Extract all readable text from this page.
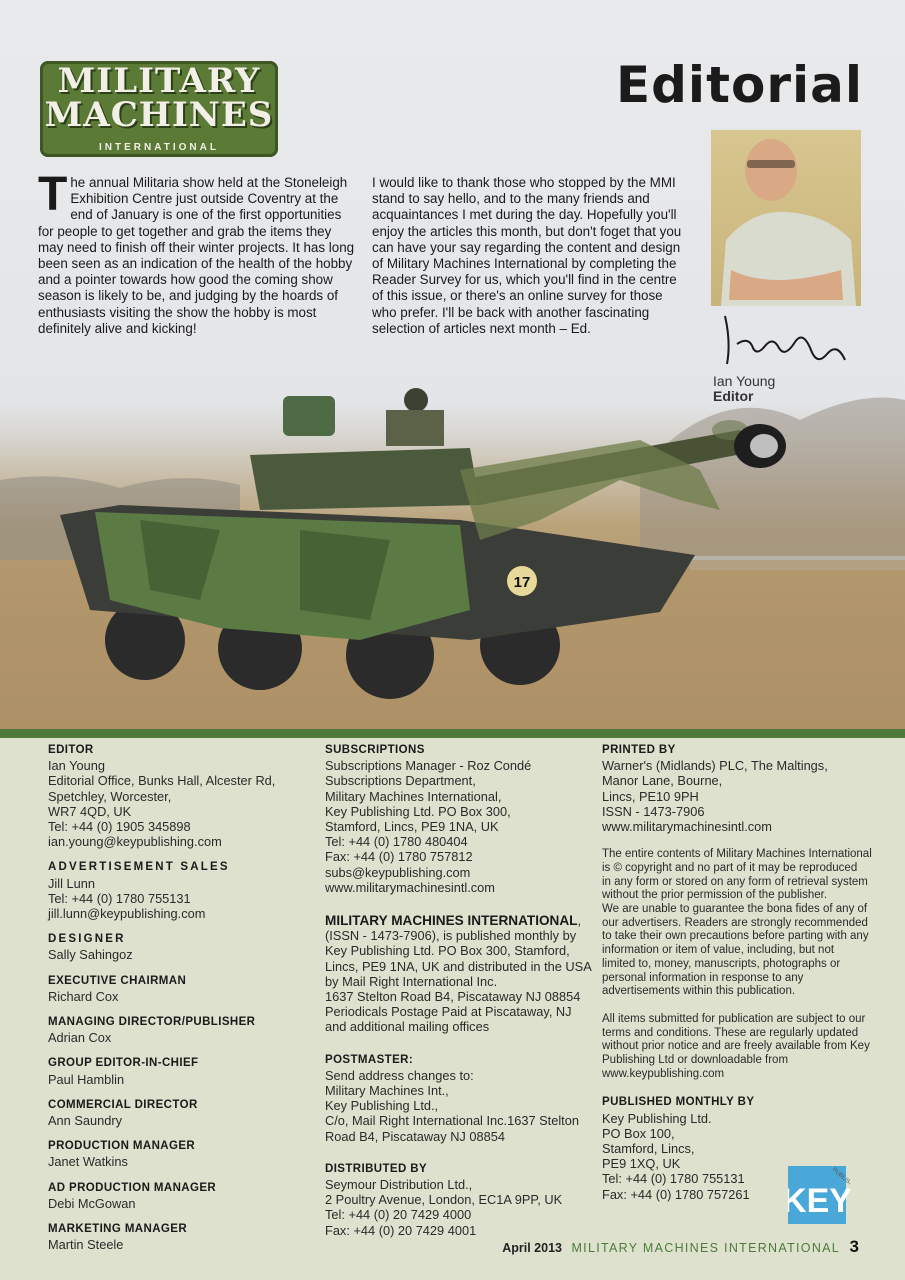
17
MILITARY
MACHINES
INTERNATIONAL
Editorial
The annual Militaria show held at the Stoneleigh Exhibition Centre just outside Coventry at the end of January is one of the first opportunities for people to get together and grab the items they may need to finish off their winter projects. It has long been seen as an indication of the health of the hobby and a pointer towards how good the coming show season is likely to be, and judging by the hoards of enthusiasts visiting the show the hobby is most definitely alive and kicking!
I would like to thank those who stopped by the MMI stand to say hello, and to the many friends and acquaintances I met during the day. Hopefully you'll enjoy the articles this month, but don't foget that you can have your say regarding the content and design of Military Machines International by completing the Reader Survey for us, which you'll find in the centre of this issue, or there's an online survey for those who prefer. I'll be back with another fascinating selection of articles next month – Ed.
Ian Young
Editor
EDITOR
Ian Young
Editorial Office, Bunks Hall, Alcester Rd,
Spetchley, Worcester,
WR7 4QD, UK
Tel: +44 (0) 1905 345898
ian.young@keypublishing.com
ADVERTISEMENT SALES
Jill Lunn
Tel: +44 (0) 1780 755131
jill.lunn@keypublishing.com
DESIGNER
Sally Sahingoz
EXECUTIVE CHAIRMAN
Richard Cox
MANAGING DIRECTOR/PUBLISHER
Adrian Cox
GROUP EDITOR-IN-CHIEF
Paul Hamblin
COMMERCIAL DIRECTOR
Ann Saundry
PRODUCTION MANAGER
Janet Watkins
AD PRODUCTION MANAGER
Debi McGowan
MARKETING MANAGER
Martin Steele
SUBSCRIPTIONS
Subscriptions Manager - Roz Condé
Subscriptions Department,
Military Machines International,
Key Publishing Ltd. PO Box 300,
Stamford, Lincs, PE9 1NA, UK
Tel: +44 (0) 1780 480404
Fax: +44 (0) 1780 757812
subs@keypublishing.com
www.militarymachinesintl.com
MILITARY MACHINES INTERNATIONAL,
(ISSN - 1473-7906), is published monthly by
Key Publishing Ltd. PO Box 300, Stamford,
Lincs, PE9 1NA, UK and distributed in the USA
by Mail Right International Inc.
1637 Stelton Road B4, Piscataway NJ 08854
Periodicals Postage Paid at Piscataway, NJ
and additional mailing offices
POSTMASTER:
Send address changes to:
Military Machines Int.,
Key Publishing Ltd.,
C/o, Mail Right International Inc.1637 Stelton
Road B4, Piscataway NJ 08854
DISTRIBUTED BY
Seymour Distribution Ltd.,
2 Poultry Avenue, London, EC1A 9PP, UK
Tel: +44 (0) 20 7429 4000
Fax: +44 (0) 20 7429 4001
PRINTED BY
Warner's (Midlands) PLC, The Maltings,
Manor Lane, Bourne,
Lincs, PE10 9PH
ISSN - 1473-7906
www.militarymachinesintl.com
The entire contents of Military Machines International
is © copyright and no part of it may be reproduced
in any form or stored on any form of retrieval system
without the prior permission of the publisher.
We are unable to guarantee the bona fides of any of
our advertisers. Readers are strongly recommended
to take their own precautions before parting with any
information or item of value, including, but not
limited to, money, manuscripts, photographs or
personal information in response to any
advertisements within this publication.
All items submitted for publication are subject to our
terms and conditions. These are regularly updated
without prior notice and are freely available from Key
Publishing Ltd or downloadable from
www.keypublishing.com
PUBLISHED MONTHLY BY
Key Publishing Ltd.
PO Box 100,
Stamford, Lincs,
PE9 1XQ, UK
Tel: +44 (0) 1780 755131
Fax: +44 (0) 1780 757261 KEY
April 2013 MILITARY MACHINES INTERNATIONAL 3
